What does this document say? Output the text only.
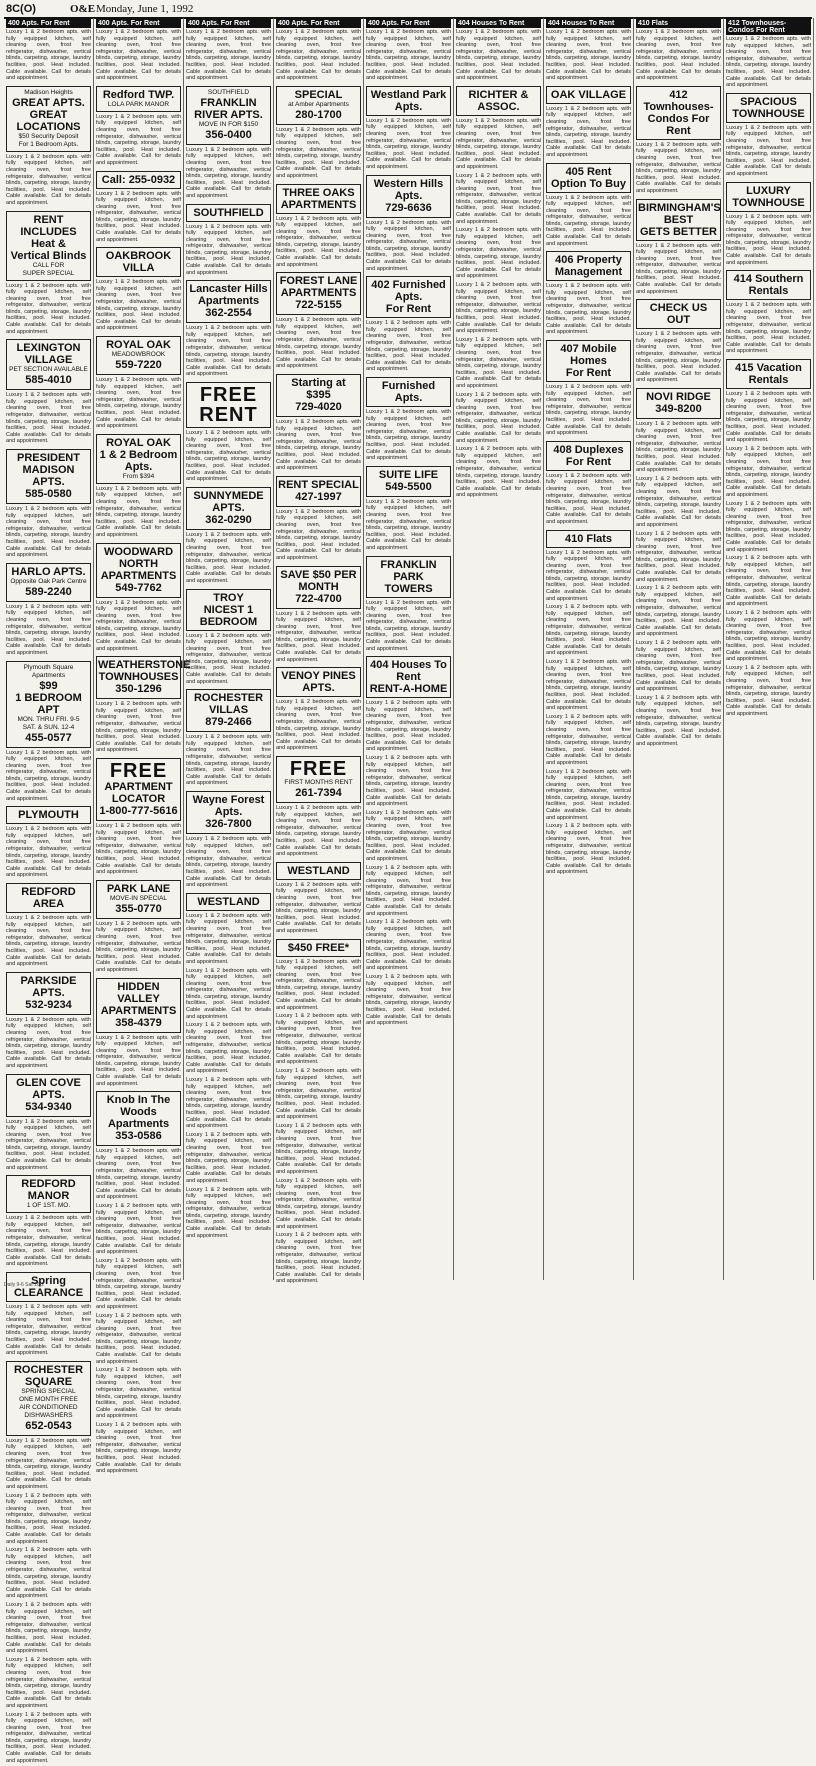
8C(O)	O&E Monday, June 1, 1992
400 Apts. For Rent

Luxury 1 & 2 bedroom apts. with fully equipped kitchen, self cleaning oven, frost free refrigerator, dishwasher, vertical blinds, carpeting, storage, laundry facilities, pool. Heat included. Cable available. Call for details and appointment.

Madison Heights
GREAT APTS.
GREAT
LOCATIONS
$50 Security Deposit
For 1 Bedroom Apts.

Luxury 1 & 2 bedroom apts. with fully equipped kitchen, self cleaning oven, frost free refrigerator, dishwasher, vertical blinds, carpeting, storage, laundry facilities, pool. Heat included. Cable available. Call for details and appointment.

RENT INCLUDES
Heat &
Vertical Blinds
CALL FOR
SUPER SPECIAL

Luxury 1 & 2 bedroom apts. with fully equipped kitchen, self cleaning oven, frost free refrigerator, dishwasher, vertical blinds, carpeting, storage, laundry facilities, pool. Heat included. Cable available. Call for details and appointment.

LEXINGTON
VILLAGE
PET SECTION AVAILABLE
585-4010

Luxury 1 & 2 bedroom apts. with fully equipped kitchen, self cleaning oven, frost free refrigerator, dishwasher, vertical blinds, carpeting, storage, laundry facilities, pool. Heat included. Cable available. Call for details and appointment.

PRESIDENT
MADISON APTS.
585-0580

Luxury 1 & 2 bedroom apts. with fully equipped kitchen, self cleaning oven, frost free refrigerator, dishwasher, vertical blinds, carpeting, storage, laundry facilities, pool. Heat included. Cable available. Call for details and appointment.

HARLO APTS.
Opposite Oak Park Centre
589-2240

Luxury 1 & 2 bedroom apts. with fully equipped kitchen, self cleaning oven, frost free refrigerator, dishwasher, vertical blinds, carpeting, storage, laundry facilities, pool. Heat included. Cable available. Call for details and appointment.

Plymouth Square
Apartments
$99
1 BEDROOM APT
MON. THRU FRI. 9-5
SAT. & SUN. 12-4
455-0577

Luxury 1 & 2 bedroom apts. with fully equipped kitchen, self cleaning oven, frost free refrigerator, dishwasher, vertical blinds, carpeting, storage, laundry facilities, pool. Heat included. Cable available. Call for details and appointment.

PLYMOUTH

Luxury 1 & 2 bedroom apts. with fully equipped kitchen, self cleaning oven, frost free refrigerator, dishwasher, vertical blinds, carpeting, storage, laundry facilities, pool. Heat included. Cable available. Call for details and appointment.

REDFORD AREA

Luxury 1 & 2 bedroom apts. with fully equipped kitchen, self cleaning oven, frost free refrigerator, dishwasher, vertical blinds, carpeting, storage, laundry facilities, pool. Heat included. Cable available. Call for details and appointment.

PARKSIDE APTS.
532-9234

Luxury 1 & 2 bedroom apts. with fully equipped kitchen, self cleaning oven, frost free refrigerator, dishwasher, vertical blinds, carpeting, storage, laundry facilities, pool. Heat included. Cable available. Call for details and appointment.

GLEN COVE APTS.
534-9340

Luxury 1 & 2 bedroom apts. with fully equipped kitchen, self cleaning oven, frost free refrigerator, dishwasher, vertical blinds, carpeting, storage, laundry facilities, pool. Heat included. Cable available. Call for details and appointment.

REDFORD MANOR
1 OF 1ST. MO.

Luxury 1 & 2 bedroom apts. with fully equipped kitchen, self cleaning oven, frost free refrigerator, dishwasher, vertical blinds, carpeting, storage, laundry facilities, pool. Heat included. Cable available. Call for details and appointment.

Spring
CLEARANCE

Luxury 1 & 2 bedroom apts. with fully equipped kitchen, self cleaning oven, frost free refrigerator, dishwasher, vertical blinds, carpeting, storage, laundry facilities, pool. Heat included. Cable available. Call for details and appointment.

ROCHESTER
SQUARE
SPRING SPECIAL
ONE MONTH FREE
AIR CONDITIONED
DISHWASHERS
652-0543

Luxury 1 & 2 bedroom apts. with fully equipped kitchen, self cleaning oven, frost free refrigerator, dishwasher, vertical blinds, carpeting, storage, laundry facilities, pool. Heat included. Cable available. Call for details and appointment.

Luxury 1 & 2 bedroom apts. with fully equipped kitchen, self cleaning oven, frost free refrigerator, dishwasher, vertical blinds, carpeting, storage, laundry facilities, pool. Heat included. Cable available. Call for details and appointment.

Luxury 1 & 2 bedroom apts. with fully equipped kitchen, self cleaning oven, frost free refrigerator, dishwasher, vertical blinds, carpeting, storage, laundry facilities, pool. Heat included. Cable available. Call for details and appointment.

Luxury 1 & 2 bedroom apts. with fully equipped kitchen, self cleaning oven, frost free refrigerator, dishwasher, vertical blinds, carpeting, storage, laundry facilities, pool. Heat included. Cable available. Call for details and appointment.

Luxury 1 & 2 bedroom apts. with fully equipped kitchen, self cleaning oven, frost free refrigerator, dishwasher, vertical blinds, carpeting, storage, laundry facilities, pool. Heat included. Cable available. Call for details and appointment.

Luxury 1 & 2 bedroom apts. with fully equipped kitchen, self cleaning oven, frost free refrigerator, dishwasher, vertical blinds, carpeting, storage, laundry facilities, pool. Heat included. Cable available. Call for details and appointment.

400 Apts. For Rent

Luxury 1 & 2 bedroom apts. with fully equipped kitchen, self cleaning oven, frost free refrigerator, dishwasher, vertical blinds, carpeting, storage, laundry facilities, pool. Heat included. Cable available. Call for details and appointment.

Redford TWP.
LOLA PARK MANOR

Luxury 1 & 2 bedroom apts. with fully equipped kitchen, self cleaning oven, frost free refrigerator, dishwasher, vertical blinds, carpeting, storage, laundry facilities, pool. Heat included. Cable available. Call for details and appointment.

Call: 255-0932

Luxury 1 & 2 bedroom apts. with fully equipped kitchen, self cleaning oven, frost free refrigerator, dishwasher, vertical blinds, carpeting, storage, laundry facilities, pool. Heat included. Cable available. Call for details and appointment.

OAKBROOK VILLA

Luxury 1 & 2 bedroom apts. with fully equipped kitchen, self cleaning oven, frost free refrigerator, dishwasher, vertical blinds, carpeting, storage, laundry facilities, pool. Heat included. Cable available. Call for details and appointment.

ROYAL OAK
MEADOWBROOK
559-7220

Luxury 1 & 2 bedroom apts. with fully equipped kitchen, self cleaning oven, frost free refrigerator, dishwasher, vertical blinds, carpeting, storage, laundry facilities, pool. Heat included. Cable available. Call for details and appointment.

ROYAL OAK
1 & 2 Bedroom Apts.
From $394

Luxury 1 & 2 bedroom apts. with fully equipped kitchen, self cleaning oven, frost free refrigerator, dishwasher, vertical blinds, carpeting, storage, laundry facilities, pool. Heat included. Cable available. Call for details and appointment.

WOODWARD
NORTH
APARTMENTS
549-7762

Luxury 1 & 2 bedroom apts. with fully equipped kitchen, self cleaning oven, frost free refrigerator, dishwasher, vertical blinds, carpeting, storage, laundry facilities, pool. Heat included. Cable available. Call for details and appointment.

WEATHERSTONE
TOWNHOUSES
350-1296

Luxury 1 & 2 bedroom apts. with fully equipped kitchen, self cleaning oven, frost free refrigerator, dishwasher, vertical blinds, carpeting, storage, laundry facilities, pool. Heat included. Cable available. Call for details and appointment.

FREE
APARTMENT
LOCATOR
1-800-777-5616

Luxury 1 & 2 bedroom apts. with fully equipped kitchen, self cleaning oven, frost free refrigerator, dishwasher, vertical blinds, carpeting, storage, laundry facilities, pool. Heat included. Cable available. Call for details and appointment.

PARK LANE
MOVE-IN SPECIAL
355-0770

Luxury 1 & 2 bedroom apts. with fully equipped kitchen, self cleaning oven, frost free refrigerator, dishwasher, vertical blinds, carpeting, storage, laundry facilities, pool. Heat included. Cable available. Call for details and appointment.

HIDDEN VALLEY
APARTMENTS
358-4379

Luxury 1 & 2 bedroom apts. with fully equipped kitchen, self cleaning oven, frost free refrigerator, dishwasher, vertical blinds, carpeting, storage, laundry facilities, pool. Heat included. Cable available. Call for details and appointment.

Knob In The Woods
Apartments
353-0586

Luxury 1 & 2 bedroom apts. with fully equipped kitchen, self cleaning oven, frost free refrigerator, dishwasher, vertical blinds, carpeting, storage, laundry facilities, pool. Heat included. Cable available. Call for details and appointment.

Luxury 1 & 2 bedroom apts. with fully equipped kitchen, self cleaning oven, frost free refrigerator, dishwasher, vertical blinds, carpeting, storage, laundry facilities, pool. Heat included. Cable available. Call for details and appointment.

Luxury 1 & 2 bedroom apts. with fully equipped kitchen, self cleaning oven, frost free refrigerator, dishwasher, vertical blinds, carpeting, storage, laundry facilities, pool. Heat included. Cable available. Call for details and appointment.

Luxury 1 & 2 bedroom apts. with fully equipped kitchen, self cleaning oven, frost free refrigerator, dishwasher, vertical blinds, carpeting, storage, laundry facilities, pool. Heat included. Cable available. Call for details and appointment.

Luxury 1 & 2 bedroom apts. with fully equipped kitchen, self cleaning oven, frost free refrigerator, dishwasher, vertical blinds, carpeting, storage, laundry facilities, pool. Heat included. Cable available. Call for details and appointment.

Luxury 1 & 2 bedroom apts. with fully equipped kitchen, self cleaning oven, frost free refrigerator, dishwasher, vertical blinds, carpeting, storage, laundry facilities, pool. Heat included. Cable available. Call for details and appointment.

400 Apts. For Rent

Luxury 1 & 2 bedroom apts. with fully equipped kitchen, self cleaning oven, frost free refrigerator, dishwasher, vertical blinds, carpeting, storage, laundry facilities, pool. Heat included. Cable available. Call for details and appointment.

SOUTHFIELD
FRANKLIN
RIVER APTS.
MOVE IN FOR $150
356-0400

Luxury 1 & 2 bedroom apts. with fully equipped kitchen, self cleaning oven, frost free refrigerator, dishwasher, vertical blinds, carpeting, storage, laundry facilities, pool. Heat included. Cable available. Call for details and appointment.

SOUTHFIELD

Luxury 1 & 2 bedroom apts. with fully equipped kitchen, self cleaning oven, frost free refrigerator, dishwasher, vertical blinds, carpeting, storage, laundry facilities, pool. Heat included. Cable available. Call for details and appointment.

Lancaster Hills
Apartments
362-2554

Luxury 1 & 2 bedroom apts. with fully equipped kitchen, self cleaning oven, frost free refrigerator, dishwasher, vertical blinds, carpeting, storage, laundry facilities, pool. Heat included. Cable available. Call for details and appointment.

FREE
RENT

Luxury 1 & 2 bedroom apts. with fully equipped kitchen, self cleaning oven, frost free refrigerator, dishwasher, vertical blinds, carpeting, storage, laundry facilities, pool. Heat included. Cable available. Call for details and appointment.

SUNNYMEDE
APTS.
362-0290

Luxury 1 & 2 bedroom apts. with fully equipped kitchen, self cleaning oven, frost free refrigerator, dishwasher, vertical blinds, carpeting, storage, laundry facilities, pool. Heat included. Cable available. Call for details and appointment.

TROY
NICEST 1 BEDROOM

Luxury 1 & 2 bedroom apts. with fully equipped kitchen, self cleaning oven, frost free refrigerator, dishwasher, vertical blinds, carpeting, storage, laundry facilities, pool. Heat included. Cable available. Call for details and appointment.

ROCHESTER VILLAS
879-2466

Luxury 1 & 2 bedroom apts. with fully equipped kitchen, self cleaning oven, frost free refrigerator, dishwasher, vertical blinds, carpeting, storage, laundry facilities, pool. Heat included. Cable available. Call for details and appointment.

Wayne Forest Apts.
326-7800

Luxury 1 & 2 bedroom apts. with fully equipped kitchen, self cleaning oven, frost free refrigerator, dishwasher, vertical blinds, carpeting, storage, laundry facilities, pool. Heat included. Cable available. Call for details and appointment.

WESTLAND

Luxury 1 & 2 bedroom apts. with fully equipped kitchen, self cleaning oven, frost free refrigerator, dishwasher, vertical blinds, carpeting, storage, laundry facilities, pool. Heat included. Cable available. Call for details and appointment.

Luxury 1 & 2 bedroom apts. with fully equipped kitchen, self cleaning oven, frost free refrigerator, dishwasher, vertical blinds, carpeting, storage, laundry facilities, pool. Heat included. Cable available. Call for details and appointment.

Luxury 1 & 2 bedroom apts. with fully equipped kitchen, self cleaning oven, frost free refrigerator, dishwasher, vertical blinds, carpeting, storage, laundry facilities, pool. Heat included. Cable available. Call for details and appointment.

Luxury 1 & 2 bedroom apts. with fully equipped kitchen, self cleaning oven, frost free refrigerator, dishwasher, vertical blinds, carpeting, storage, laundry facilities, pool. Heat included. Cable available. Call for details and appointment.

Luxury 1 & 2 bedroom apts. with fully equipped kitchen, self cleaning oven, frost free refrigerator, dishwasher, vertical blinds, carpeting, storage, laundry facilities, pool. Heat included. Cable available. Call for details and appointment.

Luxury 1 & 2 bedroom apts. with fully equipped kitchen, self cleaning oven, frost free refrigerator, dishwasher, vertical blinds, carpeting, storage, laundry facilities, pool. Heat included. Cable available. Call for details and appointment.

400 Apts. For Rent

Luxury 1 & 2 bedroom apts. with fully equipped kitchen, self cleaning oven, frost free refrigerator, dishwasher, vertical blinds, carpeting, storage, laundry facilities, pool. Heat included. Cable available. Call for details and appointment.

SPECIAL
at Amber Apartments
280-1700

Luxury 1 & 2 bedroom apts. with fully equipped kitchen, self cleaning oven, frost free refrigerator, dishwasher, vertical blinds, carpeting, storage, laundry facilities, pool. Heat included. Cable available. Call for details and appointment.

THREE OAKS
APARTMENTS

Luxury 1 & 2 bedroom apts. with fully equipped kitchen, self cleaning oven, frost free refrigerator, dishwasher, vertical blinds, carpeting, storage, laundry facilities, pool. Heat included. Cable available. Call for details and appointment.

FOREST LANE
APARTMENTS
722-5155

Luxury 1 & 2 bedroom apts. with fully equipped kitchen, self cleaning oven, frost free refrigerator, dishwasher, vertical blinds, carpeting, storage, laundry facilities, pool. Heat included. Cable available. Call for details and appointment.

Starting at $395
729-4020

Luxury 1 & 2 bedroom apts. with fully equipped kitchen, self cleaning oven, frost free refrigerator, dishwasher, vertical blinds, carpeting, storage, laundry facilities, pool. Heat included. Cable available. Call for details and appointment.

RENT SPECIAL
427-1997

Luxury 1 & 2 bedroom apts. with fully equipped kitchen, self cleaning oven, frost free refrigerator, dishwasher, vertical blinds, carpeting, storage, laundry facilities, pool. Heat included. Cable available. Call for details and appointment.

SAVE $50 PER MONTH
722-4700

Luxury 1 & 2 bedroom apts. with fully equipped kitchen, self cleaning oven, frost free refrigerator, dishwasher, vertical blinds, carpeting, storage, laundry facilities, pool. Heat included. Cable available. Call for details and appointment.

VENOY PINES APTS.

Luxury 1 & 2 bedroom apts. with fully equipped kitchen, self cleaning oven, frost free refrigerator, dishwasher, vertical blinds, carpeting, storage, laundry facilities, pool. Heat included. Cable available. Call for details and appointment.

FREE
FIRST MONTHS RENT
261-7394

Luxury 1 & 2 bedroom apts. with fully equipped kitchen, self cleaning oven, frost free refrigerator, dishwasher, vertical blinds, carpeting, storage, laundry facilities, pool. Heat included. Cable available. Call for details and appointment.

WESTLAND

Luxury 1 & 2 bedroom apts. with fully equipped kitchen, self cleaning oven, frost free refrigerator, dishwasher, vertical blinds, carpeting, storage, laundry facilities, pool. Heat included. Cable available. Call for details and appointment.

$450 FREE*

Luxury 1 & 2 bedroom apts. with fully equipped kitchen, self cleaning oven, frost free refrigerator, dishwasher, vertical blinds, carpeting, storage, laundry facilities, pool. Heat included. Cable available. Call for details and appointment.

Luxury 1 & 2 bedroom apts. with fully equipped kitchen, self cleaning oven, frost free refrigerator, dishwasher, vertical blinds, carpeting, storage, laundry facilities, pool. Heat included. Cable available. Call for details and appointment.

Luxury 1 & 2 bedroom apts. with fully equipped kitchen, self cleaning oven, frost free refrigerator, dishwasher, vertical blinds, carpeting, storage, laundry facilities, pool. Heat included. Cable available. Call for details and appointment.

Luxury 1 & 2 bedroom apts. with fully equipped kitchen, self cleaning oven, frost free refrigerator, dishwasher, vertical blinds, carpeting, storage, laundry facilities, pool. Heat included. Cable available. Call for details and appointment.

Luxury 1 & 2 bedroom apts. with fully equipped kitchen, self cleaning oven, frost free refrigerator, dishwasher, vertical blinds, carpeting, storage, laundry facilities, pool. Heat included. Cable available. Call for details and appointment.

Luxury 1 & 2 bedroom apts. with fully equipped kitchen, self cleaning oven, frost free refrigerator, dishwasher, vertical blinds, carpeting, storage, laundry facilities, pool. Heat included. Cable available. Call for details and appointment.

400 Apts. For Rent

Luxury 1 & 2 bedroom apts. with fully equipped kitchen, self cleaning oven, frost free refrigerator, dishwasher, vertical blinds, carpeting, storage, laundry facilities, pool. Heat included. Cable available. Call for details and appointment.

Westland Park Apts.

Luxury 1 & 2 bedroom apts. with fully equipped kitchen, self cleaning oven, frost free refrigerator, dishwasher, vertical blinds, carpeting, storage, laundry facilities, pool. Heat included. Cable available. Call for details and appointment.

Western Hills Apts.
729-6636

Luxury 1 & 2 bedroom apts. with fully equipped kitchen, self cleaning oven, frost free refrigerator, dishwasher, vertical blinds, carpeting, storage, laundry facilities, pool. Heat included. Cable available. Call for details and appointment.

402 Furnished Apts.
For Rent

Luxury 1 & 2 bedroom apts. with fully equipped kitchen, self cleaning oven, frost free refrigerator, dishwasher, vertical blinds, carpeting, storage, laundry facilities, pool. Heat included. Cable available. Call for details and appointment.

Furnished Apts.

Luxury 1 & 2 bedroom apts. with fully equipped kitchen, self cleaning oven, frost free refrigerator, dishwasher, vertical blinds, carpeting, storage, laundry facilities, pool. Heat included. Cable available. Call for details and appointment.

SUITE LIFE
549-5500

Luxury 1 & 2 bedroom apts. with fully equipped kitchen, self cleaning oven, frost free refrigerator, dishwasher, vertical blinds, carpeting, storage, laundry facilities, pool. Heat included. Cable available. Call for details and appointment.

FRANKLIN PARK
TOWERS

Luxury 1 & 2 bedroom apts. with fully equipped kitchen, self cleaning oven, frost free refrigerator, dishwasher, vertical blinds, carpeting, storage, laundry facilities, pool. Heat included. Cable available. Call for details and appointment.

404 Houses To Rent
RENT-A-HOME

Luxury 1 & 2 bedroom apts. with fully equipped kitchen, self cleaning oven, frost free refrigerator, dishwasher, vertical blinds, carpeting, storage, laundry facilities, pool. Heat included. Cable available. Call for details and appointment.

Luxury 1 & 2 bedroom apts. with fully equipped kitchen, self cleaning oven, frost free refrigerator, dishwasher, vertical blinds, carpeting, storage, laundry facilities, pool. Heat included. Cable available. Call for details and appointment.

Luxury 1 & 2 bedroom apts. with fully equipped kitchen, self cleaning oven, frost free refrigerator, dishwasher, vertical blinds, carpeting, storage, laundry facilities, pool. Heat included. Cable available. Call for details and appointment.

Luxury 1 & 2 bedroom apts. with fully equipped kitchen, self cleaning oven, frost free refrigerator, dishwasher, vertical blinds, carpeting, storage, laundry facilities, pool. Heat included. Cable available. Call for details and appointment.

Luxury 1 & 2 bedroom apts. with fully equipped kitchen, self cleaning oven, frost free refrigerator, dishwasher, vertical blinds, carpeting, storage, laundry facilities, pool. Heat included. Cable available. Call for details and appointment.

Luxury 1 & 2 bedroom apts. with fully equipped kitchen, self cleaning oven, frost free refrigerator, dishwasher, vertical blinds, carpeting, storage, laundry facilities, pool. Heat included. Cable available. Call for details and appointment.

404 Houses To Rent

Luxury 1 & 2 bedroom apts. with fully equipped kitchen, self cleaning oven, frost free refrigerator, dishwasher, vertical blinds, carpeting, storage, laundry facilities, pool. Heat included. Cable available. Call for details and appointment.

RICHTER & ASSOC.

Luxury 1 & 2 bedroom apts. with fully equipped kitchen, self cleaning oven, frost free refrigerator, dishwasher, vertical blinds, carpeting, storage, laundry facilities, pool. Heat included. Cable available. Call for details and appointment.

Luxury 1 & 2 bedroom apts. with fully equipped kitchen, self cleaning oven, frost free refrigerator, dishwasher, vertical blinds, carpeting, storage, laundry facilities, pool. Heat included. Cable available. Call for details and appointment.

Luxury 1 & 2 bedroom apts. with fully equipped kitchen, self cleaning oven, frost free refrigerator, dishwasher, vertical blinds, carpeting, storage, laundry facilities, pool. Heat included. Cable available. Call for details and appointment.

Luxury 1 & 2 bedroom apts. with fully equipped kitchen, self cleaning oven, frost free refrigerator, dishwasher, vertical blinds, carpeting, storage, laundry facilities, pool. Heat included. Cable available. Call for details and appointment.

Luxury 1 & 2 bedroom apts. with fully equipped kitchen, self cleaning oven, frost free refrigerator, dishwasher, vertical blinds, carpeting, storage, laundry facilities, pool. Heat included. Cable available. Call for details and appointment.

Luxury 1 & 2 bedroom apts. with fully equipped kitchen, self cleaning oven, frost free refrigerator, dishwasher, vertical blinds, carpeting, storage, laundry facilities, pool. Heat included. Cable available. Call for details and appointment.

Luxury 1 & 2 bedroom apts. with fully equipped kitchen, self cleaning oven, frost free refrigerator, dishwasher, vertical blinds, carpeting, storage, laundry facilities, pool. Heat included. Cable available. Call for details and appointment.

404 Houses To Rent

Luxury 1 & 2 bedroom apts. with fully equipped kitchen, self cleaning oven, frost free refrigerator, dishwasher, vertical blinds, carpeting, storage, laundry facilities, pool. Heat included. Cable available. Call for details and appointment.

OAK VILLAGE

Luxury 1 & 2 bedroom apts. with fully equipped kitchen, self cleaning oven, frost free refrigerator, dishwasher, vertical blinds, carpeting, storage, laundry facilities, pool. Heat included. Cable available. Call for details and appointment.

405 Rent
Option To Buy

Luxury 1 & 2 bedroom apts. with fully equipped kitchen, self cleaning oven, frost free refrigerator, dishwasher, vertical blinds, carpeting, storage, laundry facilities, pool. Heat included. Cable available. Call for details and appointment.

406 Property
Management

Luxury 1 & 2 bedroom apts. with fully equipped kitchen, self cleaning oven, frost free refrigerator, dishwasher, vertical blinds, carpeting, storage, laundry facilities, pool. Heat included. Cable available. Call for details and appointment.

407 Mobile Homes
For Rent

Luxury 1 & 2 bedroom apts. with fully equipped kitchen, self cleaning oven, frost free refrigerator, dishwasher, vertical blinds, carpeting, storage, laundry facilities, pool. Heat included. Cable available. Call for details and appointment.

408 Duplexes For Rent

Luxury 1 & 2 bedroom apts. with fully equipped kitchen, self cleaning oven, frost free refrigerator, dishwasher, vertical blinds, carpeting, storage, laundry facilities, pool. Heat included. Cable available. Call for details and appointment.

410 Flats

Luxury 1 & 2 bedroom apts. with fully equipped kitchen, self cleaning oven, frost free refrigerator, dishwasher, vertical blinds, carpeting, storage, laundry facilities, pool. Heat included. Cable available. Call for details and appointment.

Luxury 1 & 2 bedroom apts. with fully equipped kitchen, self cleaning oven, frost free refrigerator, dishwasher, vertical blinds, carpeting, storage, laundry facilities, pool. Heat included. Cable available. Call for details and appointment.

Luxury 1 & 2 bedroom apts. with fully equipped kitchen, self cleaning oven, frost free refrigerator, dishwasher, vertical blinds, carpeting, storage, laundry facilities, pool. Heat included. Cable available. Call for details and appointment.

Luxury 1 & 2 bedroom apts. with fully equipped kitchen, self cleaning oven, frost free refrigerator, dishwasher, vertical blinds, carpeting, storage, laundry facilities, pool. Heat included. Cable available. Call for details and appointment.

Luxury 1 & 2 bedroom apts. with fully equipped kitchen, self cleaning oven, frost free refrigerator, dishwasher, vertical blinds, carpeting, storage, laundry facilities, pool. Heat included. Cable available. Call for details and appointment.

Luxury 1 & 2 bedroom apts. with fully equipped kitchen, self cleaning oven, frost free refrigerator, dishwasher, vertical blinds, carpeting, storage, laundry facilities, pool. Heat included. Cable available. Call for details and appointment.

410 Flats

Luxury 1 & 2 bedroom apts. with fully equipped kitchen, self cleaning oven, frost free refrigerator, dishwasher, vertical blinds, carpeting, storage, laundry facilities, pool. Heat included. Cable available. Call for details and appointment.

412 Townhouses-
Condos For Rent

Luxury 1 & 2 bedroom apts. with fully equipped kitchen, self cleaning oven, frost free refrigerator, dishwasher, vertical blinds, carpeting, storage, laundry facilities, pool. Heat included. Cable available. Call for details and appointment.

BIRMINGHAM'S BEST
GETS BETTER

Luxury 1 & 2 bedroom apts. with fully equipped kitchen, self cleaning oven, frost free refrigerator, dishwasher, vertical blinds, carpeting, storage, laundry facilities, pool. Heat included. Cable available. Call for details and appointment.

CHECK US OUT

Luxury 1 & 2 bedroom apts. with fully equipped kitchen, self cleaning oven, frost free refrigerator, dishwasher, vertical blinds, carpeting, storage, laundry facilities, pool. Heat included. Cable available. Call for details and appointment.

NOVI RIDGE
349-8200

Luxury 1 & 2 bedroom apts. with fully equipped kitchen, self cleaning oven, frost free refrigerator, dishwasher, vertical blinds, carpeting, storage, laundry facilities, pool. Heat included. Cable available. Call for details and appointment.

Luxury 1 & 2 bedroom apts. with fully equipped kitchen, self cleaning oven, frost free refrigerator, dishwasher, vertical blinds, carpeting, storage, laundry facilities, pool. Heat included. Cable available. Call for details and appointment.

Luxury 1 & 2 bedroom apts. with fully equipped kitchen, self cleaning oven, frost free refrigerator, dishwasher, vertical blinds, carpeting, storage, laundry facilities, pool. Heat included. Cable available. Call for details and appointment.

Luxury 1 & 2 bedroom apts. with fully equipped kitchen, self cleaning oven, frost free refrigerator, dishwasher, vertical blinds, carpeting, storage, laundry facilities, pool. Heat included. Cable available. Call for details and appointment.

Luxury 1 & 2 bedroom apts. with fully equipped kitchen, self cleaning oven, frost free refrigerator, dishwasher, vertical blinds, carpeting, storage, laundry facilities, pool. Heat included. Cable available. Call for details and appointment.

Luxury 1 & 2 bedroom apts. with fully equipped kitchen, self cleaning oven, frost free refrigerator, dishwasher, vertical blinds, carpeting, storage, laundry facilities, pool. Heat included. Cable available. Call for details and appointment.

412 Townhouses-Condos For Rent

Luxury 1 & 2 bedroom apts. with fully equipped kitchen, self cleaning oven, frost free refrigerator, dishwasher, vertical blinds, carpeting, storage, laundry facilities, pool. Heat included. Cable available. Call for details and appointment.

SPACIOUS
TOWNHOUSE

Luxury 1 & 2 bedroom apts. with fully equipped kitchen, self cleaning oven, frost free refrigerator, dishwasher, vertical blinds, carpeting, storage, laundry facilities, pool. Heat included. Cable available. Call for details and appointment.

LUXURY TOWNHOUSE

Luxury 1 & 2 bedroom apts. with fully equipped kitchen, self cleaning oven, frost free refrigerator, dishwasher, vertical blinds, carpeting, storage, laundry facilities, pool. Heat included. Cable available. Call for details and appointment.

414 Southern Rentals

Luxury 1 & 2 bedroom apts. with fully equipped kitchen, self cleaning oven, frost free refrigerator, dishwasher, vertical blinds, carpeting, storage, laundry facilities, pool. Heat included. Cable available. Call for details and appointment.

415 Vacation Rentals

Luxury 1 & 2 bedroom apts. with fully equipped kitchen, self cleaning oven, frost free refrigerator, dishwasher, vertical blinds, carpeting, storage, laundry facilities, pool. Heat included. Cable available. Call for details and appointment.

Luxury 1 & 2 bedroom apts. with fully equipped kitchen, self cleaning oven, frost free refrigerator, dishwasher, vertical blinds, carpeting, storage, laundry facilities, pool. Heat included. Cable available. Call for details and appointment.

Luxury 1 & 2 bedroom apts. with fully equipped kitchen, self cleaning oven, frost free refrigerator, dishwasher, vertical blinds, carpeting, storage, laundry facilities, pool. Heat included. Cable available. Call for details and appointment.

Luxury 1 & 2 bedroom apts. with fully equipped kitchen, self cleaning oven, frost free refrigerator, dishwasher, vertical blinds, carpeting, storage, laundry facilities, pool. Heat included. Cable available. Call for details and appointment.

Luxury 1 & 2 bedroom apts. with fully equipped kitchen, self cleaning oven, frost free refrigerator, dishwasher, vertical blinds, carpeting, storage, laundry facilities, pool. Heat included. Cable available. Call for details and appointment.

Luxury 1 & 2 bedroom apts. with fully equipped kitchen, self cleaning oven, frost free refrigerator, dishwasher, vertical blinds, carpeting, storage, laundry facilities, pool. Heat included. Cable available. Call for details and appointment.

Daily 9-6 Sat 10-2
